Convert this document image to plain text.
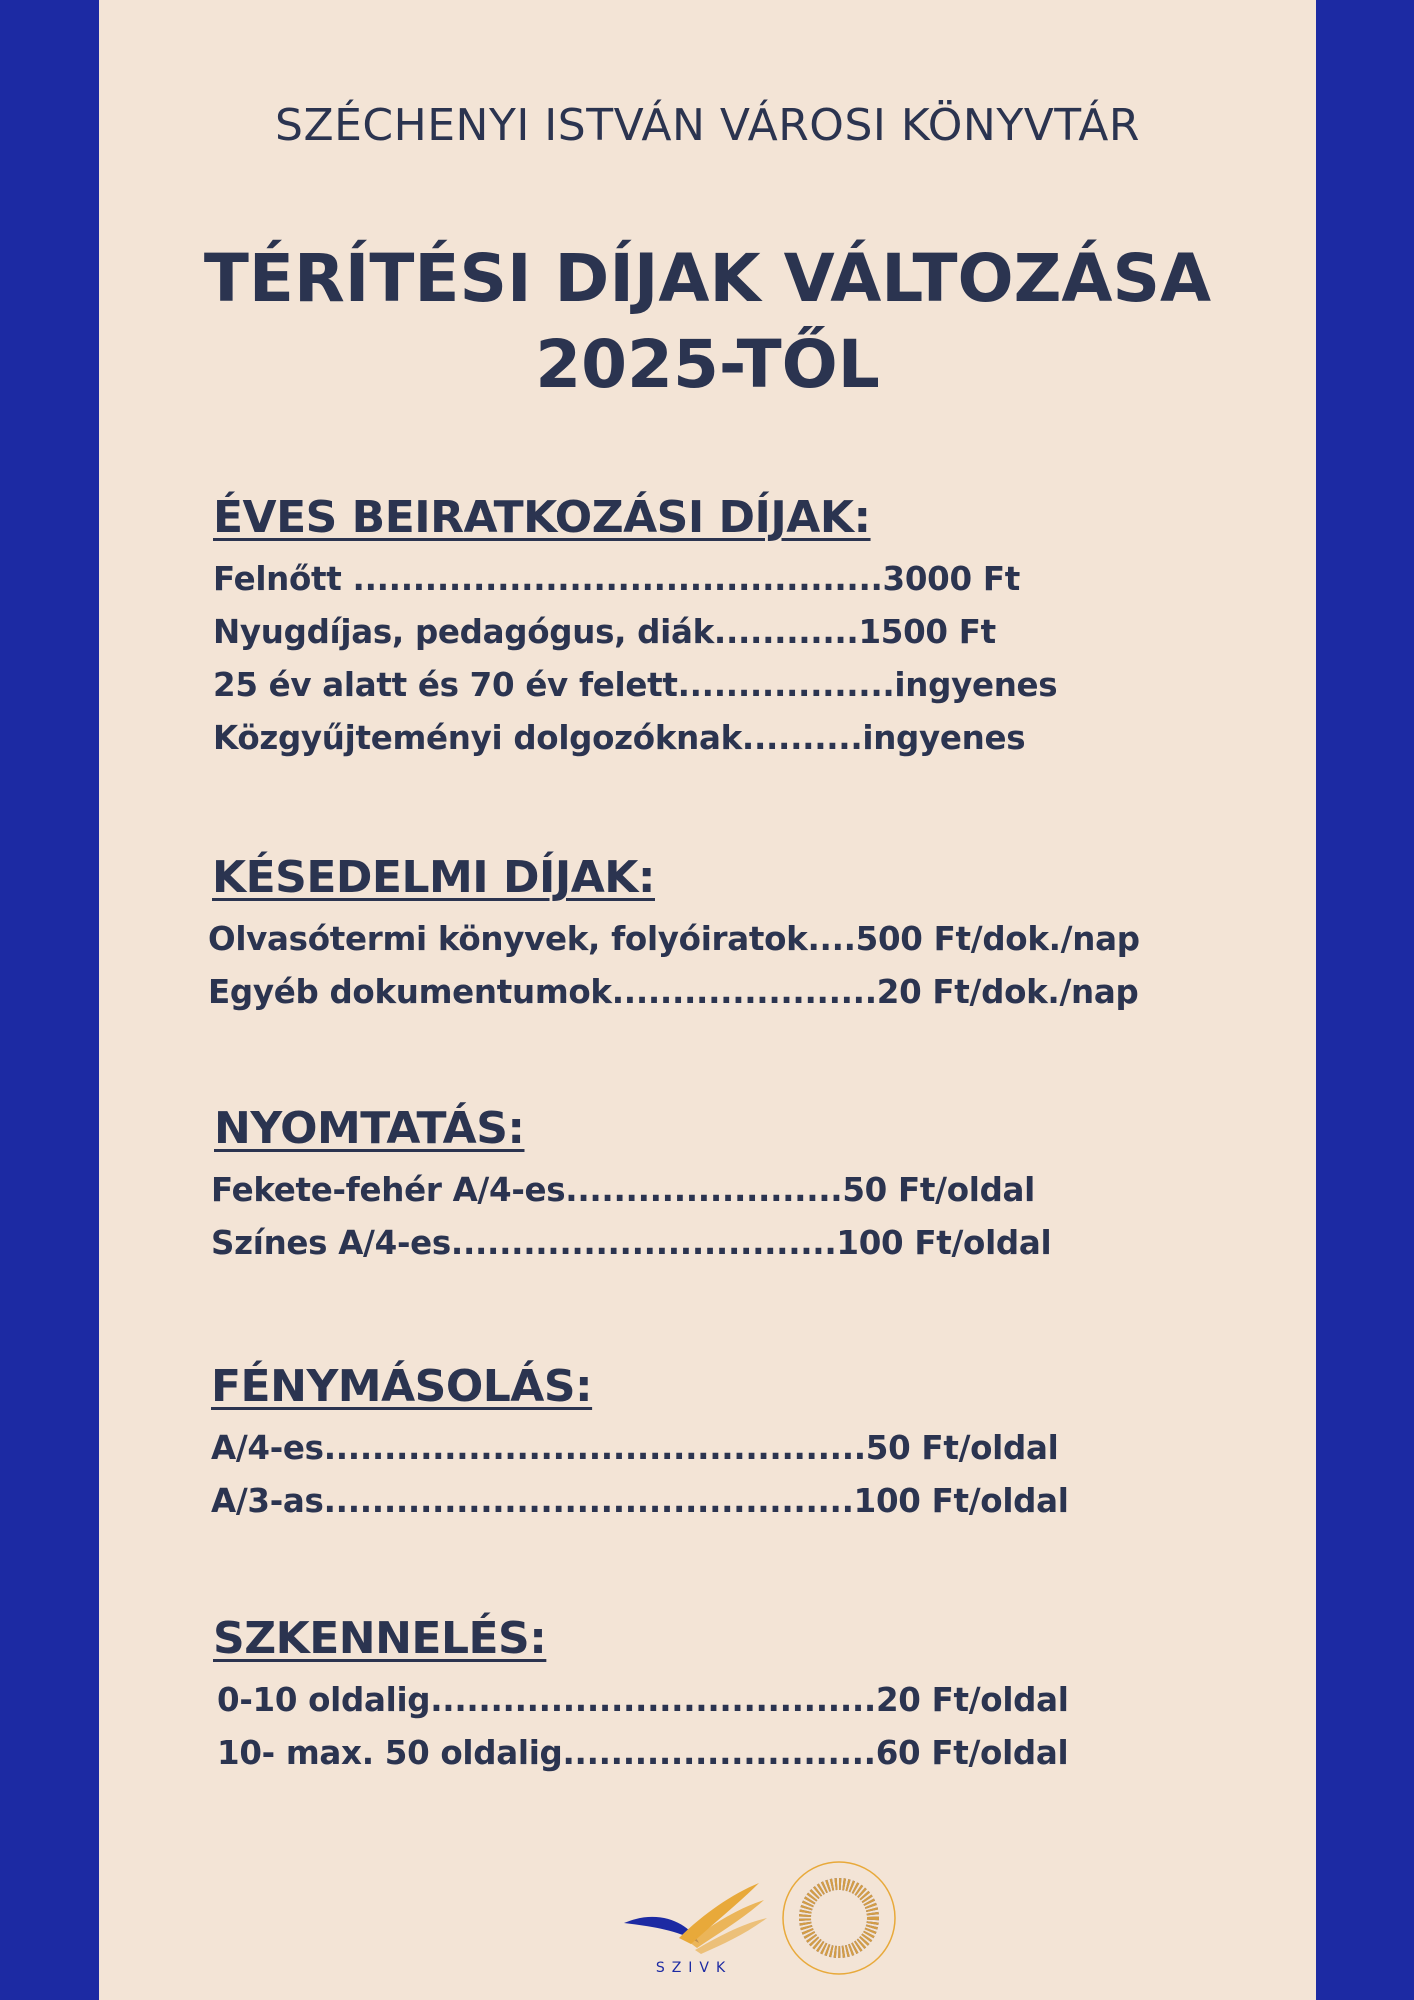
SZÉCHENYI ISTVÁN VÁROSI KÖNYVTÁR
TÉRÍTÉSI DÍJAK VÁLTOZÁSA
2025-TŐL
ÉVES BEIRATKOZÁSI DÍJAK:
Felnőtt ............................................3000 Ft
Nyugdíjas, pedagógus, diák............1500 Ft
25 év alatt és 70 év felett..................ingyenes
Közgyűjteményi dolgozóknak..........ingyenes
KÉSEDELMI DÍJAK:
Olvasótermi könyvek, folyóiratok....500 Ft/dok./nap
Egyéb dokumentumok......................20 Ft/dok./nap
NYOMTATÁS:
Fekete-fehér A/4-es.......................50 Ft/oldal
Színes A/4-es................................100 Ft/oldal
FÉNYMÁSOLÁS:
A/4-es.............................................50 Ft/oldal
A/3-as............................................100 Ft/oldal
SZKENNELÉS:
0-10 oldalig.....................................20 Ft/oldal
10- max. 50 oldalig..........................60 Ft/oldal
SZIVK
